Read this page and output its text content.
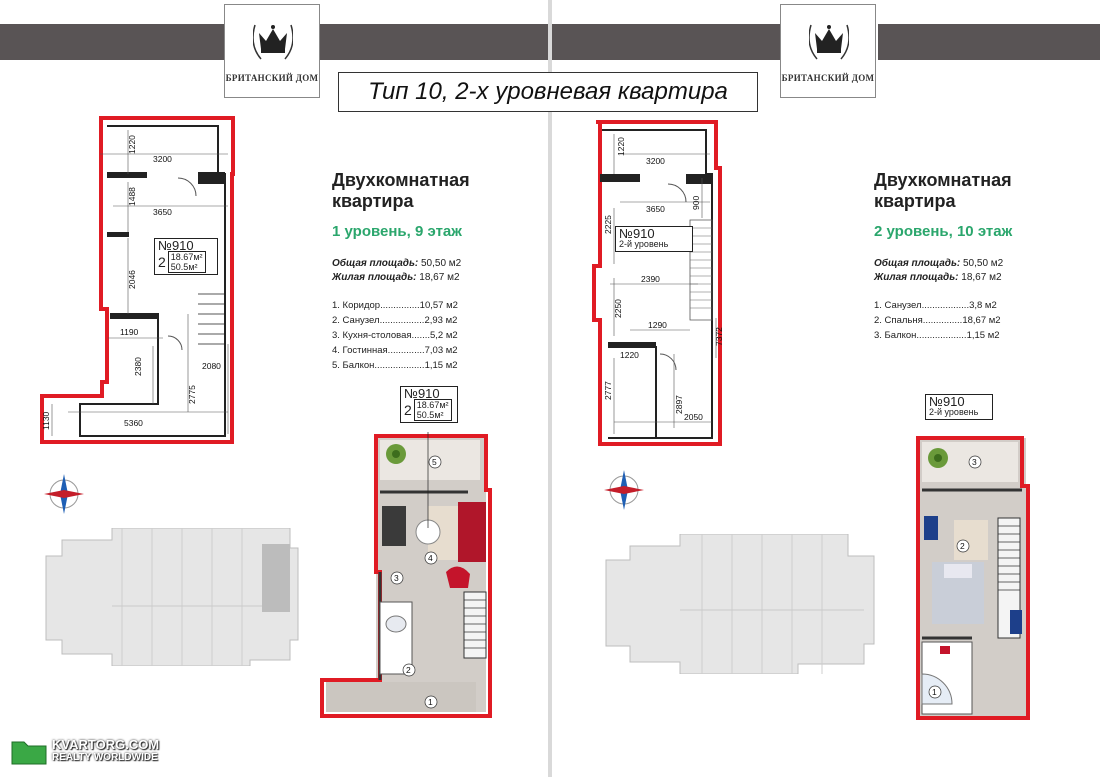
БРИТАНСКИЙ ДОМ
Двухкомнатная
квартира
1 уровень, 9 этаж
Общая площадь: 50,50 м2
Жилая площадь: 18,67 м2
1. Коридор...............10,57 м2
2. Санузел.................2,93 м2
3. Кухня-столовая.......5,2 м2
4. Гостинная..............7,03 м2
5. Балкон...................1,15 м2
3200
1220
1488
3650
2046
1190
2380	2080
2775
1130	5360
№910
2 18.67м²
50.5м²
5
4
3
2
1
№910
2 18.67м²
50.5м²
KVARTORG.COM
REALTY WORLDWIDE
БРИТАНСКИЙ ДОМ
Двухкомнатная
квартира
2 уровень, 10 этаж
Общая площадь: 50,50 м2
Жилая площадь: 18,67 м2
1. Санузел..................3,8 м2
2. Спальня...............18,67 м2
3. Балкон...................1,15 м2
1220
3200
900
3650
2225
2390
2250
1290
7372
1220
2777
2897
2050
№910
2-й уровень
3
2
1
№910
2-й уровень
Тип 10, 2-х уровневая квартира
